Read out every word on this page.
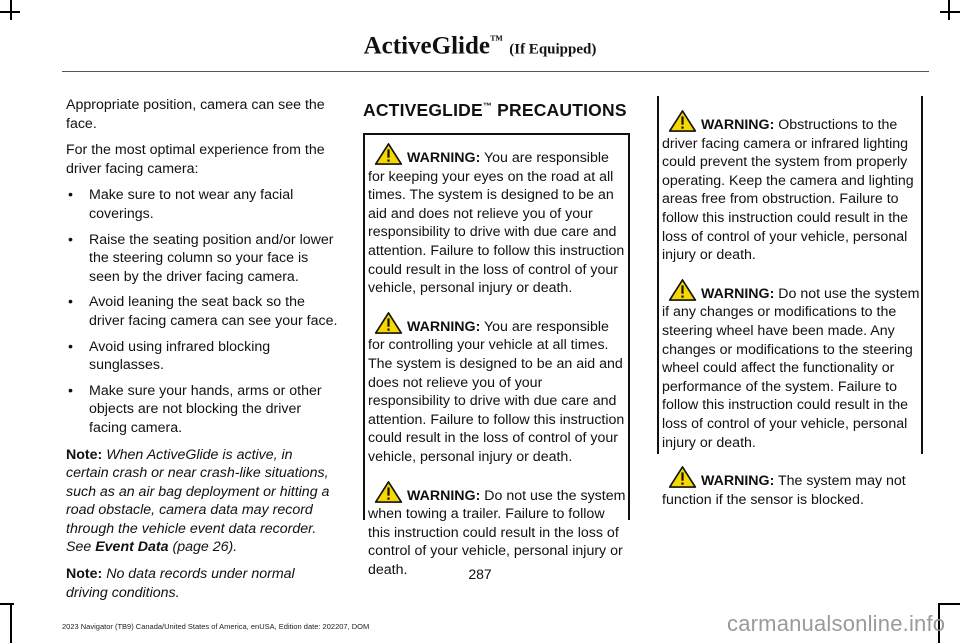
ActiveGlide™ (If Equipped)

Appropriate position, camera can see the face.

For the most optimal experience from the driver facing camera:

• Make sure to not wear any facial coverings.
• Raise the seating position and/or lower the steering column so your face is seen by the driver facing camera.
• Avoid leaning the seat back so the driver facing camera can see your face.
• Avoid using infrared blocking sunglasses.
• Make sure your hands, arms or other objects are not blocking the driver facing camera.

Note: When ActiveGlide is active, in certain crash or near crash-like situations, such as an air bag deployment or hitting a road obstacle, camera data may record through the vehicle event data recorder. See Event Data (page 26).

Note: No data records under normal driving conditions.

ACTIVEGLIDE™ PRECAUTIONS

WARNING: You are responsible for keeping your eyes on the road at all times. The system is designed to be an aid and does not relieve you of your responsibility to drive with due care and attention. Failure to follow this instruction could result in the loss of control of your vehicle, personal injury or death.

WARNING: You are responsible for controlling your vehicle at all times. The system is designed to be an aid and does not relieve you of your responsibility to drive with due care and attention. Failure to follow this instruction could result in the loss of control of your vehicle, personal injury or death.

WARNING: Do not use the system when towing a trailer. Failure to follow this instruction could result in the loss of control of your vehicle, personal injury or death.

WARNING: Obstructions to the driver facing camera or infrared lighting could prevent the system from properly operating. Keep the camera and lighting areas free from obstruction. Failure to follow this instruction could result in the loss of control of your vehicle, personal injury or death.

WARNING: Do not use the system if any changes or modifications to the steering wheel have been made. Any changes or modifications to the steering wheel could affect the functionality or performance of the system. Failure to follow this instruction could result in the loss of control of your vehicle, personal injury or death.

WARNING: The system may not function if the sensor is blocked.

287
2023 Navigator (TB9) Canada/United States of America, enUSA, Edition date: 202207, DOM	carmanualsonline.info
